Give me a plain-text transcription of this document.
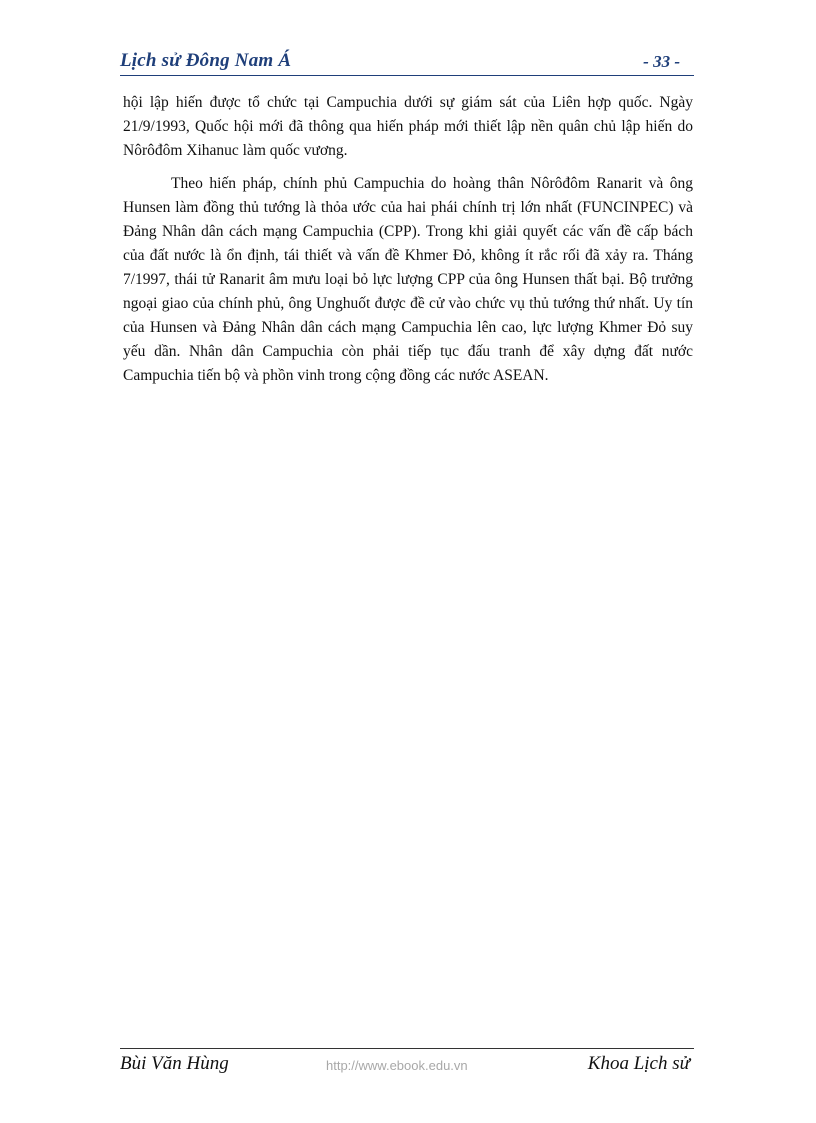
Lịch sử Đông Nam Á	- 33 -

hội lập hiến được tổ chức tại Campuchia dưới sự giám sát của Liên hợp quốc. Ngày 21/9/1993, Quốc hội mới đã thông qua hiến pháp mới thiết lập nền quân chủ lập hiến do Nôrôđôm Xihanuc làm quốc vương.

Theo hiến pháp, chính phủ Campuchia do hoàng thân Nôrôđôm Ranarit và ông Hunsen làm đồng thủ tướng là thỏa ước của hai phái chính trị lớn nhất (FUNCINPEC) và Đảng Nhân dân cách mạng Campuchia (CPP). Trong khi giải quyết các vấn đề cấp bách của đất nước là ổn định, tái thiết và vấn đề Khmer Đỏ, không ít rắc rối đã xảy ra. Tháng 7/1997, thái tử Ranarit âm mưu loại bỏ lực lượng CPP của ông Hunsen thất bại. Bộ trưởng ngoại giao của chính phủ, ông Unghuốt được đề cử vào chức vụ thủ tướng thứ nhất. Uy tín của Hunsen và Đảng Nhân dân cách mạng Campuchia lên cao, lực lượng Khmer Đỏ suy yếu dần. Nhân dân Campuchia còn phải tiếp tục đấu tranh để xây dựng đất nước Campuchia tiến bộ và phồn vinh trong cộng đồng các nước ASEAN.

Bùi Văn Hùng	http://www.ebook.edu.vn	Khoa Lịch sử
